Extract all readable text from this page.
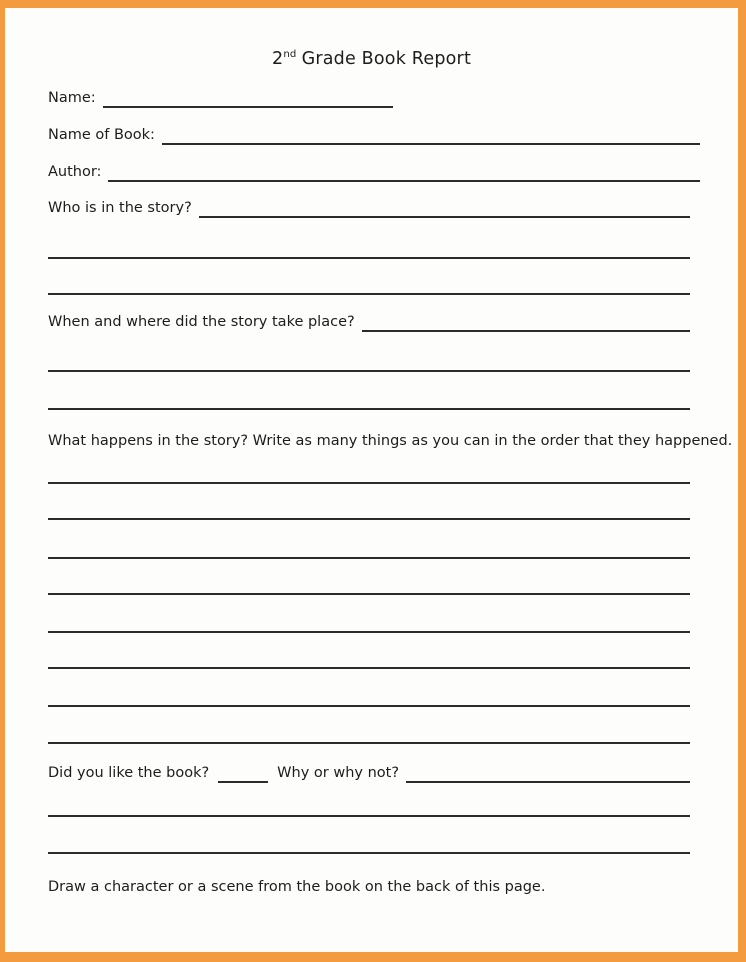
2nd Grade Book Report
Name:
Name of Book:
Author:
Who is in the story?
When and where did the story take place?
What happens in the story? Write as many things as you can in the order that they happened.
Did you like the book?	Why or why not?
Draw a character or a scene from the book on the back of this page.
